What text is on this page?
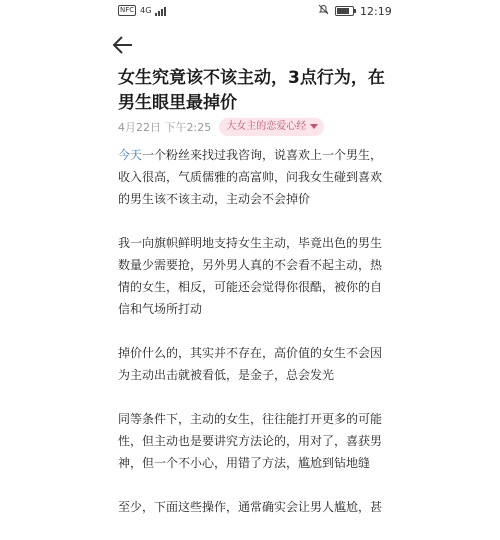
NFC 4G	12:19
女生究竟该不该主动，3点行为，在男生眼里最掉价
4月22日 下午2:25	大女主的恋爱心经

今天一个粉丝来找过我咨询，说喜欢上一个男生，收入很高，气质儒雅的高富帅，问我女生碰到喜欢的男生该不该主动，主动会不会掉价

我一向旗帜鲜明地支持女生主动，毕竟出色的男生数量少需要抢，另外男人真的不会看不起主动，热情的女生，相反，可能还会觉得你很酷，被你的自信和气场所打动

掉价什么的，其实并不存在，高价值的女生不会因为主动出击就被看低，是金子，总会发光

同等条件下，主动的女生，往往能打开更多的可能性，但主动也是要讲究方法论的，用对了，喜获男神，但一个不小心，用错了方法，尴尬到钻地缝

至少，下面这些操作，通常确实会让男人尴尬，甚
